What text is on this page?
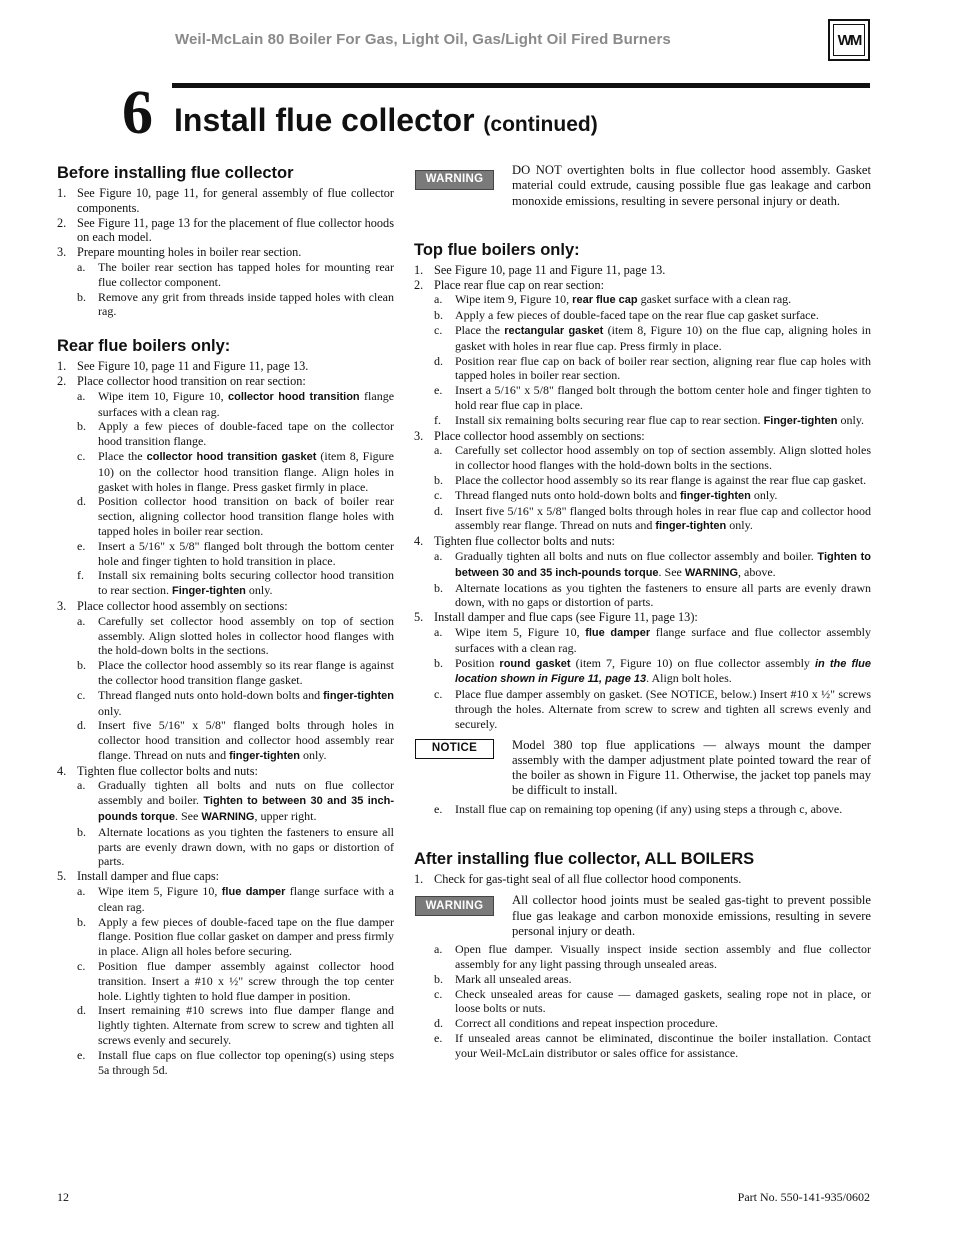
Weil-McLain 80 Boiler For Gas, Light Oil, Gas/Light Oil Fired Burners	WM
6 Install flue collector (continued)
Before installing flue collector
1. See Figure 10, page 11, for general assembly of flue collector components.
2. See Figure 11, page 13 for the placement of flue collector hoods on each model.
3. Prepare mounting holes in boiler rear section.
a. The boiler rear section has tapped holes for mounting rear flue collector component.
b. Remove any grit from threads inside tapped holes with clean rag.
Rear flue boilers only:
1. See Figure 10, page 11 and Figure 11, page 13.
2. Place collector hood transition on rear section:
a. Wipe item 10, Figure 10, collector hood transition flange surfaces with a clean rag.
b. Apply a few pieces of double-faced tape on the collector hood transition flange.
c. Place the collector hood transition gasket (item 8, Figure 10) on the collector hood transition flange. Align holes in gasket with holes in flange. Press gasket firmly in place.
d. Position collector hood transition on back of boiler rear section, aligning collector hood transition flange holes with tapped holes in boiler rear section.
e. Insert a 5/16" x 5/8" flanged bolt through the bottom center hole and finger tighten to hold transition in place.
f. Install six remaining bolts securing collector hood transition to rear section. Finger-tighten only.
3. Place collector hood assembly on sections:
a. Carefully set collector hood assembly on top of section assembly. Align slotted holes in collector hood flanges with the hold-down bolts in the sections.
b. Place the collector hood assembly so its rear flange is against the collector hood transition flange gasket.
c. Thread flanged nuts onto hold-down bolts and finger-tighten only.
d. Insert five 5/16" x 5/8" flanged bolts through holes in collector hood transition and collector hood assembly rear flange. Thread on nuts and finger-tighten only.
4. Tighten flue collector bolts and nuts:
a. Gradually tighten all bolts and nuts on flue collector assembly and boiler. Tighten to between 30 and 35 inch-pounds torque. See WARNING, upper right.
b. Alternate locations as you tighten the fasteners to ensure all parts are evenly drawn down, with no gaps or distortion of parts.
5. Install damper and flue caps:
a. Wipe item 5, Figure 10, flue damper flange surface with a clean rag.
b. Apply a few pieces of double-faced tape on the flue damper flange. Position flue collar gasket on damper and press firmly in place. Align all holes before securing.
c. Position flue damper assembly against collector hood transition. Insert a #10 x ½" screw through the top center hole. Lightly tighten to hold flue damper in position.
d. Insert remaining #10 screws into flue damper flange and lightly tighten. Alternate from screw to screw and tighten all screws evenly and securely.
e. Install flue caps on flue collector top opening(s) using steps 5a through 5d.
WARNING
DO NOT overtighten bolts in flue collector hood assembly. Gasket material could extrude, causing possible flue gas leakage and carbon monoxide emissions, resulting in severe personal injury or death.
Top flue boilers only:
1. See Figure 10, page 11 and Figure 11, page 13.
2. Place rear flue cap on rear section:
a. Wipe item 9, Figure 10, rear flue cap gasket surface with a clean rag.
b. Apply a few pieces of double-faced tape on the rear flue cap gasket surface.
c. Place the rectangular gasket (item 8, Figure 10) on the flue cap, aligning holes in gasket with holes in rear flue cap. Press firmly in place.
d. Position rear flue cap on back of boiler rear section, aligning rear flue cap holes with tapped holes in boiler rear section.
e. Insert a 5/16" x 5/8" flanged bolt through the bottom center hole and finger tighten to hold rear flue cap in place.
f. Install six remaining bolts securing rear flue cap to rear section. Finger-tighten only.
3. Place collector hood assembly on sections:
a. Carefully set collector hood assembly on top of section assembly. Align slotted holes in collector hood flanges with the hold-down bolts in the sections.
b. Place the collector hood assembly so its rear flange is against the rear flue cap gasket.
c. Thread flanged nuts onto hold-down bolts and finger-tighten only.
d. Insert five 5/16" x 5/8" flanged bolts through holes in rear flue cap and collector hood assembly rear flange. Thread on nuts and finger-tighten only.
4. Tighten flue collector bolts and nuts:
a. Gradually tighten all bolts and nuts on flue collector assembly and boiler. Tighten to between 30 and 35 inch-pounds torque. See WARNING, above.
b. Alternate locations as you tighten the fasteners to ensure all parts are evenly drawn down, with no gaps or distortion of parts.
5. Install damper and flue caps (see Figure 11, page 13):
a. Wipe item 5, Figure 10, flue damper flange surface and flue collector assembly surfaces with a clean rag.
b. Position round gasket (item 7, Figure 10) on flue collector assembly in the flue location shown in Figure 11, page 13. Align bolt holes.
c. Place flue damper assembly on gasket. (See NOTICE, below.) Insert #10 x ½" screws through the holes. Alternate from screw to screw and tighten all screws evenly and securely.
NOTICE	Model 380 top flue applications — always mount the damper assembly with the damper adjustment plate pointed toward the rear of the boiler as shown in Figure 11. Otherwise, the jacket top panels may be difficult to install.
e. Install flue cap on remaining top opening (if any) using steps a through c, above.
After installing flue collector, ALL BOILERS
1. Check for gas-tight seal of all flue collector hood components.
WARNING	All collector hood joints must be sealed gas-tight to prevent possible flue gas leakage and carbon monoxide emissions, resulting in severe personal injury or death.
a. Open flue damper. Visually inspect inside section assembly and flue collector assembly for any light passing through unsealed areas.
b. Mark all unsealed areas.
c. Check unsealed areas for cause — damaged gaskets, sealing rope not in place, or loose bolts or nuts.
d. Correct all conditions and repeat inspection procedure.
e. If unsealed areas cannot be eliminated, discontinue the boiler installation. Contact your Weil-McLain distributor or sales office for assistance.
12	Part No. 550-141-935/0602
